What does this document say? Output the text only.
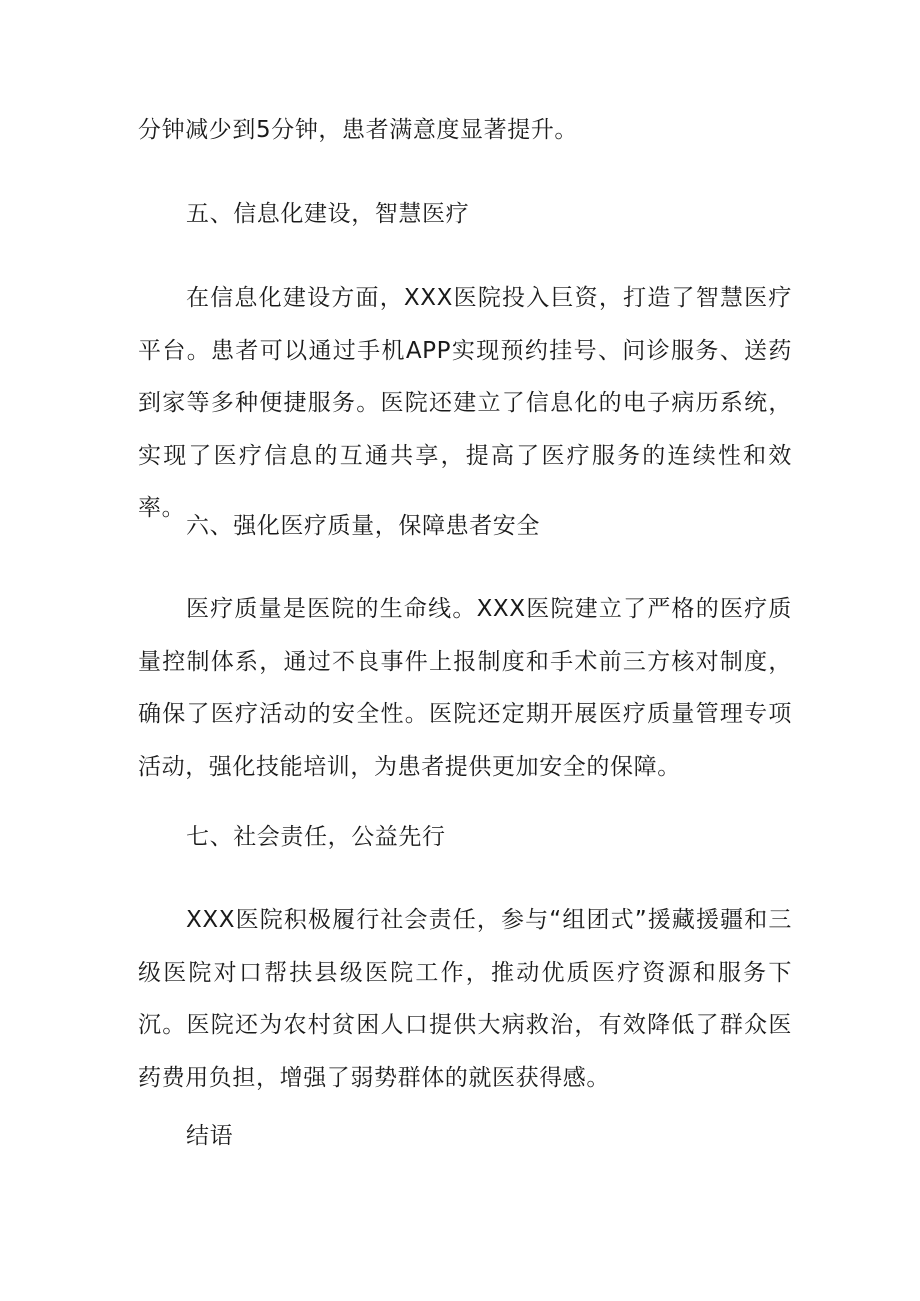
分钟减少到5分钟，患者满意度显著提升。
五、信息化建设，智慧医疗
在信息化建设方面，XXX医院投入巨资，打造了智慧医疗平台。患者可以通过手机APP实现预约挂号、问诊服务、送药到家等多种便捷服务。医院还建立了信息化的电子病历系统，实现了医疗信息的互通共享，提高了医疗服务的连续性和效率。
六、强化医疗质量，保障患者安全
医疗质量是医院的生命线。XXX医院建立了严格的医疗质量控制体系，通过不良事件上报制度和手术前三方核对制度，确保了医疗活动的安全性。医院还定期开展医疗质量管理专项活动，强化技能培训，为患者提供更加安全的保障。
七、社会责任，公益先行
XXX医院积极履行社会责任，参与“组团式”援藏援疆和三级医院对口帮扶县级医院工作，推动优质医疗资源和服务下沉。医院还为农村贫困人口提供大病救治，有效降低了群众医药费用负担，增强了弱势群体的就医获得感。
结语
